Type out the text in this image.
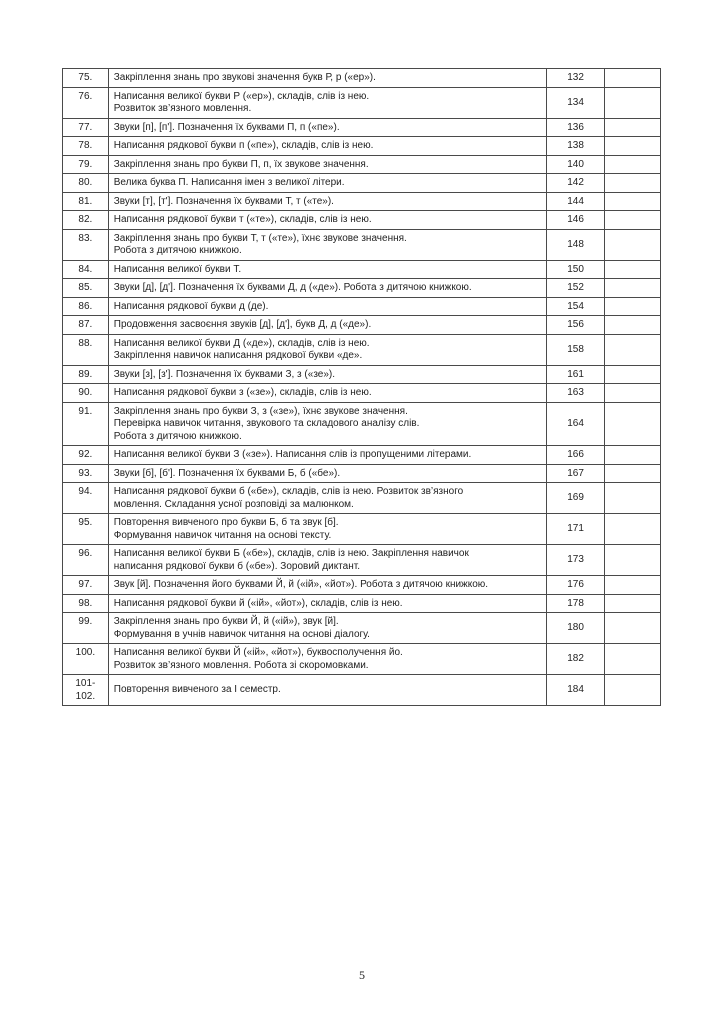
75.	Закріплення знань про звукові значення букв Р, р («ер»).	132	
76.	Написання великої букви Р («ер»), складів, слів із нею.
Розвиток зв’язного мовлення.	134	
77.	Звуки [п], [п']. Позначення їх буквами П, п («пе»).	136	
78.	Написання рядкової букви п («пе»), складів, слів із нею.	138	
79.	Закріплення знань про букви П, п, їх звукове значення.	140	
80.	Велика буква П. Написання імен з великої літери.	142	
81.	Звуки [т], [т']. Позначення їх буквами Т, т («те»).	144	
82.	Написання рядкової букви т («те»), складів, слів із нею.	146	
83.	Закріплення знань про букви Т, т («те»), їхнє звукове значення.
Робота з дитячою книжкою.	148	
84.	Написання великої букви Т.	150	
85.	Звуки [д], [д']. Позначення їх буквами Д, д («де»). Робота з дитячою книжкою.	152	
86.	Написання рядкової букви д (де).	154	
87.	Продовження засвоєння звуків [д], [д'], букв Д, д («де»).	156	
88.	Написання великої букви Д («де»), складів, слів із нею.
Закріплення навичок написання рядкової букви «де».	158	
89.	Звуки [з], [з']. Позначення їх буквами З, з («зе»).	161	
90.	Написання рядкової букви з («зе»), складів, слів із нею.	163	
91.	Закріплення знань про букви З, з («зе»), їхнє звукове значення.
Перевірка навичок читання, звукового та складового аналізу слів.
Робота з дитячою книжкою.	164	
92.	Написання великої букви З («зе»). Написання слів із пропущеними літерами.	166	
93.	Звуки [б], [б']. Позначення їх буквами Б, б («бе»).	167	
94.	Написання рядкової букви б («бе»), складів, слів із нею. Розвиток зв’язного
мовлення. Складання усної розповіді за малюнком.	169	
95.	Повторення вивченого про букви Б, б та звук [б].
Формування навичок читання на основі тексту.	171	
96.	Написання великої букви Б («бе»), складів, слів із нею. Закріплення навичок
написання рядкової букви б («бе»). Зоровий диктант.	173	
97.	Звук [й]. Позначення його буквами Й, й («ій», «йот»). Робота з дитячою книжкою.	176	
98.	Написання рядкової букви й («ій», «йот»), складів, слів із нею.	178	
99.	Закріплення знань про букви Й, й («ій»), звук [й].
Формування в учнів навичок читання на основі діалогу.	180	
100.	Написання великої букви Й («ій», «йот»), буквосполучення йо.
Розвиток зв’язного мовлення. Робота зі скоромовками.	182	
101-
102.	Повторення вивченого за І семестр.	184	
5
